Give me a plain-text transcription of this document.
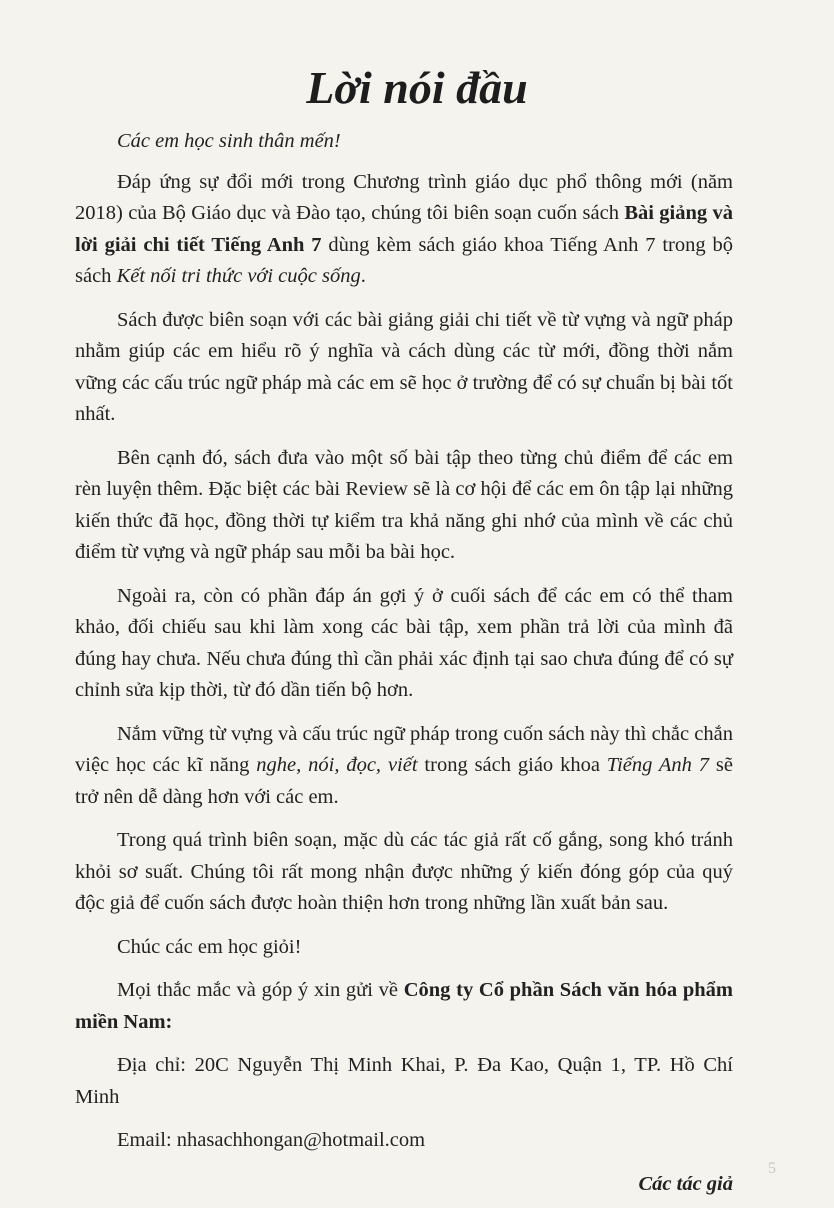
Lời nói đầu

Các em học sinh thân mến!

Đáp ứng sự đổi mới trong Chương trình giáo dục phổ thông mới (năm 2018) của Bộ Giáo dục và Đào tạo, chúng tôi biên soạn cuốn sách Bài giảng và lời giải chi tiết Tiếng Anh 7 dùng kèm sách giáo khoa Tiếng Anh 7 trong bộ sách Kết nối tri thức với cuộc sống.

Sách được biên soạn với các bài giảng giải chi tiết về từ vựng và ngữ pháp nhằm giúp các em hiểu rõ ý nghĩa và cách dùng các từ mới, đồng thời nắm vững các cấu trúc ngữ pháp mà các em sẽ học ở trường để có sự chuẩn bị bài tốt nhất.

Bên cạnh đó, sách đưa vào một số bài tập theo từng chủ điểm để các em rèn luyện thêm. Đặc biệt các bài Review sẽ là cơ hội để các em ôn tập lại những kiến thức đã học, đồng thời tự kiểm tra khả năng ghi nhớ của mình về các chủ điểm từ vựng và ngữ pháp sau mỗi ba bài học.

Ngoài ra, còn có phần đáp án gợi ý ở cuối sách để các em có thể tham khảo, đối chiếu sau khi làm xong các bài tập, xem phần trả lời của mình đã đúng hay chưa. Nếu chưa đúng thì cần phải xác định tại sao chưa đúng để có sự chỉnh sửa kịp thời, từ đó dần tiến bộ hơn.

Nắm vững từ vựng và cấu trúc ngữ pháp trong cuốn sách này thì chắc chắn việc học các kĩ năng nghe, nói, đọc, viết trong sách giáo khoa Tiếng Anh 7 sẽ trở nên dễ dàng hơn với các em.

Trong quá trình biên soạn, mặc dù các tác giả rất cố gắng, song khó tránh khỏi sơ suất. Chúng tôi rất mong nhận được những ý kiến đóng góp của quý độc giả để cuốn sách được hoàn thiện hơn trong những lần xuất bản sau.

Chúc các em học giỏi!

Mọi thắc mắc và góp ý xin gửi về Công ty Cổ phần Sách văn hóa phẩm miền Nam:

Địa chỉ: 20C Nguyễn Thị Minh Khai, P. Đa Kao, Quận 1, TP. Hồ Chí Minh

Email: nhasachhongan@hotmail.com

Các tác giả

5
